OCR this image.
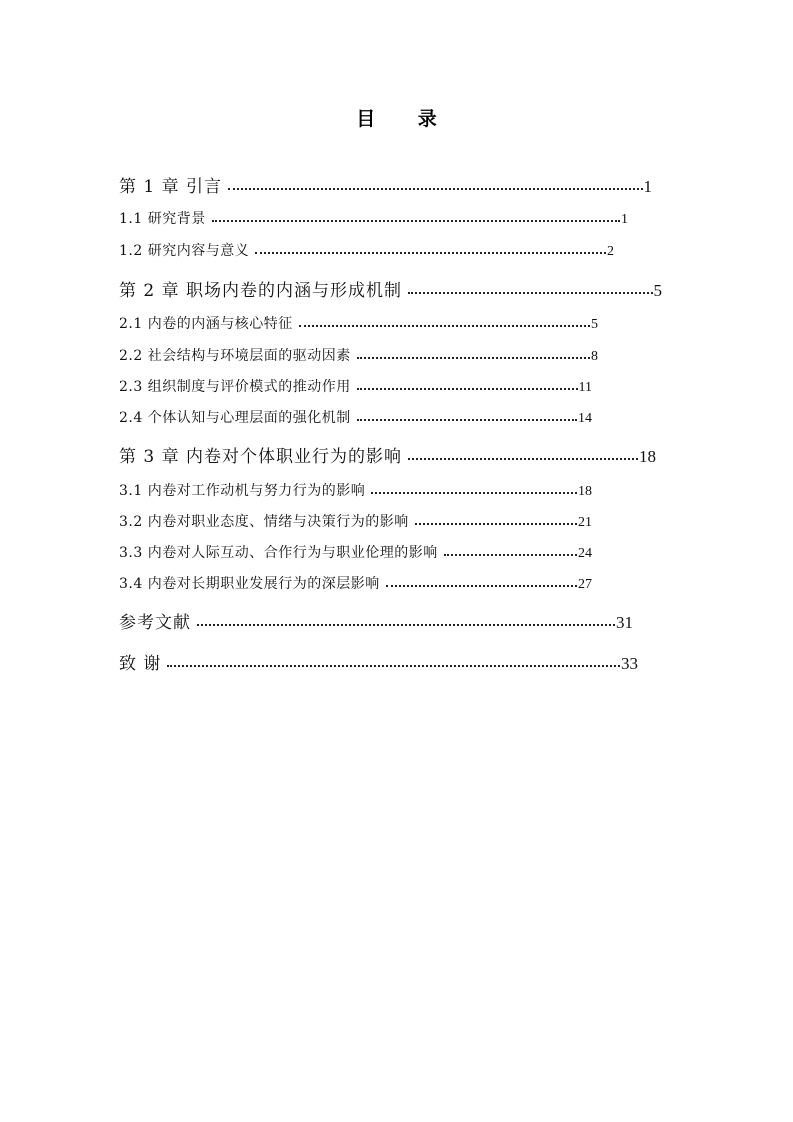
目 录
第 1 章 引言	1
1.1 研究背景	1
1.2 研究内容与意义	2
第 2 章 职场内卷的内涵与形成机制	5
2.1 内卷的内涵与核心特征	5
2.2 社会结构与环境层面的驱动因素	8
2.3 组织制度与评价模式的推动作用	11
2.4 个体认知与心理层面的强化机制	14
第 3 章 内卷对个体职业行为的影响	18
3.1 内卷对工作动机与努力行为的影响	18
3.2 内卷对职业态度、情绪与决策行为的影响	21
3.3 内卷对人际互动、合作行为与职业伦理的影响	24
3.4 内卷对长期职业发展行为的深层影响	27
参考文献	31
致 谢	33
